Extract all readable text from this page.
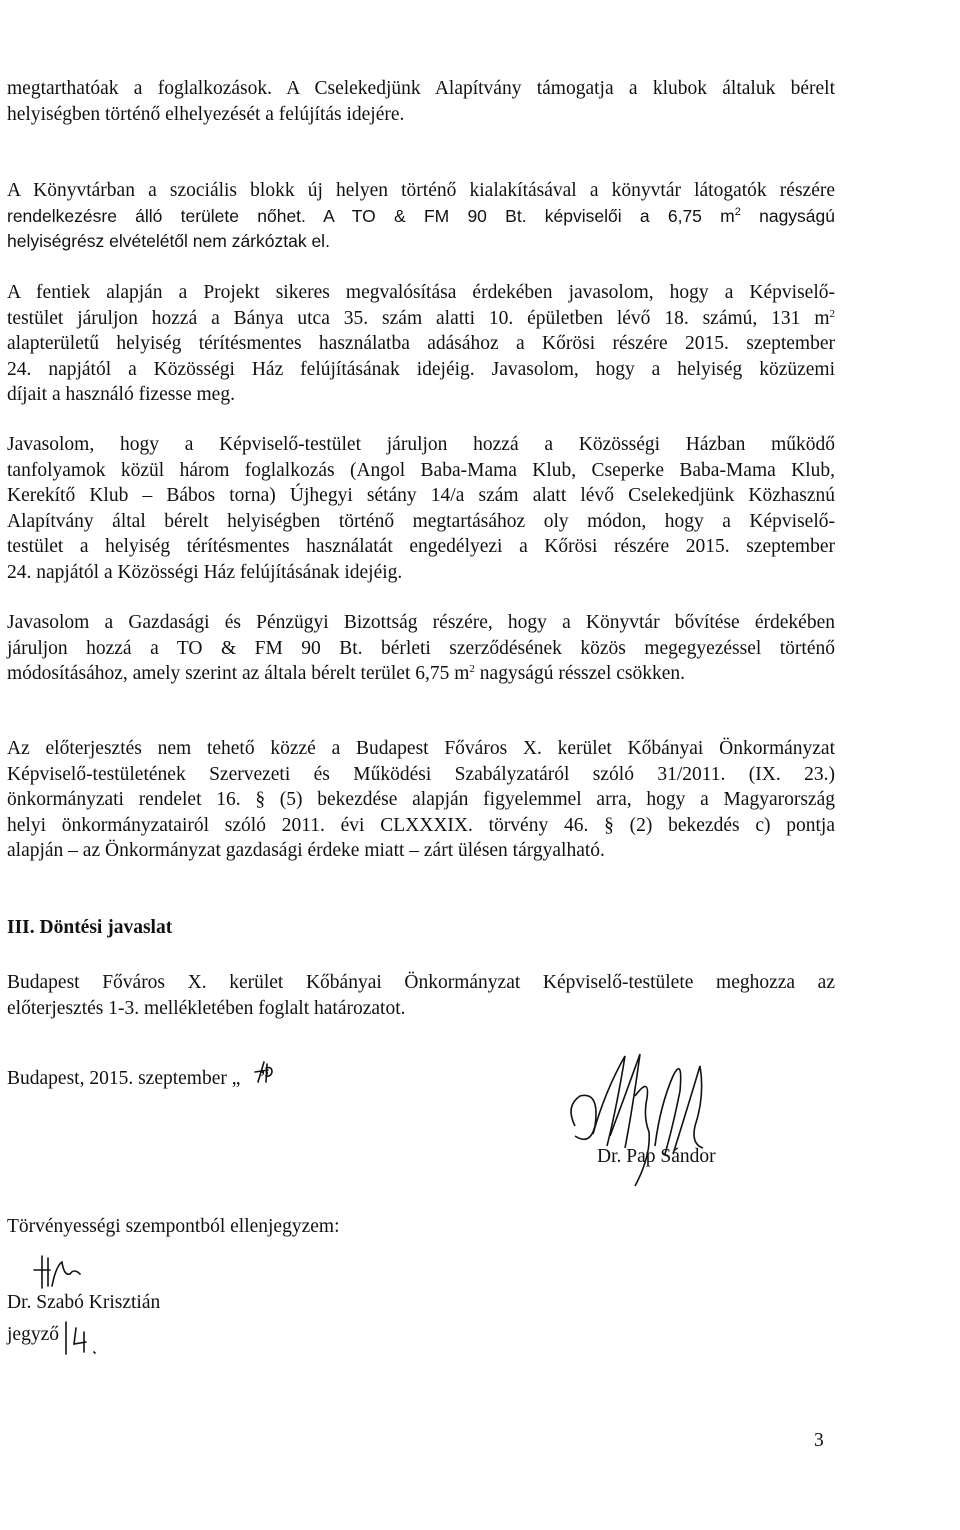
megtarthatóak a foglalkozások. A Cselekedjünk Alapítvány támogatja a klubok általuk bérelt
helyiségben történő elhelyezését a felújítás idejére.
A Könyvtárban a szociális blokk új helyen történő kialakításával a könyvtár látogatók részére
rendelkezésre álló területe nőhet. A TO & FM 90 Bt. képviselői a 6,75 $m^2$ nagyságú
helyiségrész elvételétől nem zárkóztak el.
A fentiek alapján a Projekt sikeres megvalósítása érdekében javasolom, hogy a Képviselő-
testület járuljon hozzá a Bánya utca 35. szám alatti 10. épületben lévő 18. számú, 131 $m^2$
alapterületű helyiség térítésmentes használatba adásához a Kőrösi részére 2015. szeptember
24. napjától a Közösségi Ház felújításának idejéig. Javasolom, hogy a helyiség közüzemi
díjait a használó fizesse meg.
Javasolom, hogy a Képviselő-testület járuljon hozzá a Közösségi Házban működő
tanfolyamok közül három foglalkozás (Angol Baba-Mama Klub, Cseperke Baba-Mama Klub,
Kerekítő Klub – Bábos torna) Újhegyi sétány 14/a szám alatt lévő Cselekedjünk Közhasznú
Alapítvány által bérelt helyiségben történő megtartásához oly módon, hogy a Képviselő-
testület a helyiség térítésmentes használatát engedélyezi a Kőrösi részére 2015. szeptember
24. napjától a Közösségi Ház felújításának idejéig.
Javasolom a Gazdasági és Pénzügyi Bizottság részére, hogy a Könyvtár bővítése érdekében
járuljon hozzá a TO & FM 90 Bt. bérleti szerződésének közös megegyezéssel történő
módosításához, amely szerint az általa bérelt terület 6,75 $m^2$ nagyságú résszel csökken.
Az előterjesztés nem tehető közzé a Budapest Főváros X. kerület Kőbányai Önkormányzat
Képviselő-testületének Szervezeti és Működési Szabályzatáról szóló 31/2011. (IX. 23.)
önkormányzati rendelet 16. § (5) bekezdése alapján figyelemmel arra, hogy a Magyarország
helyi önkormányzatairól szóló 2011. évi CLXXXIX. törvény 46. § (2) bekezdés c) pontja
alapján – az Önkormányzat gazdasági érdeke miatt – zárt ülésen tárgyalható.
III. Döntési javaslat
Budapest Főváros X. kerület Kőbányai Önkormányzat Képviselő-testülete meghozza az
előterjesztés 1-3. mellékletében foglalt határozatot.
Budapest, 2015. szeptember „ ”
Dr. Pap Sándor
Törvényességi szempontból ellenjegyzem:
Dr. Szabó Krisztián
jegyző
3
